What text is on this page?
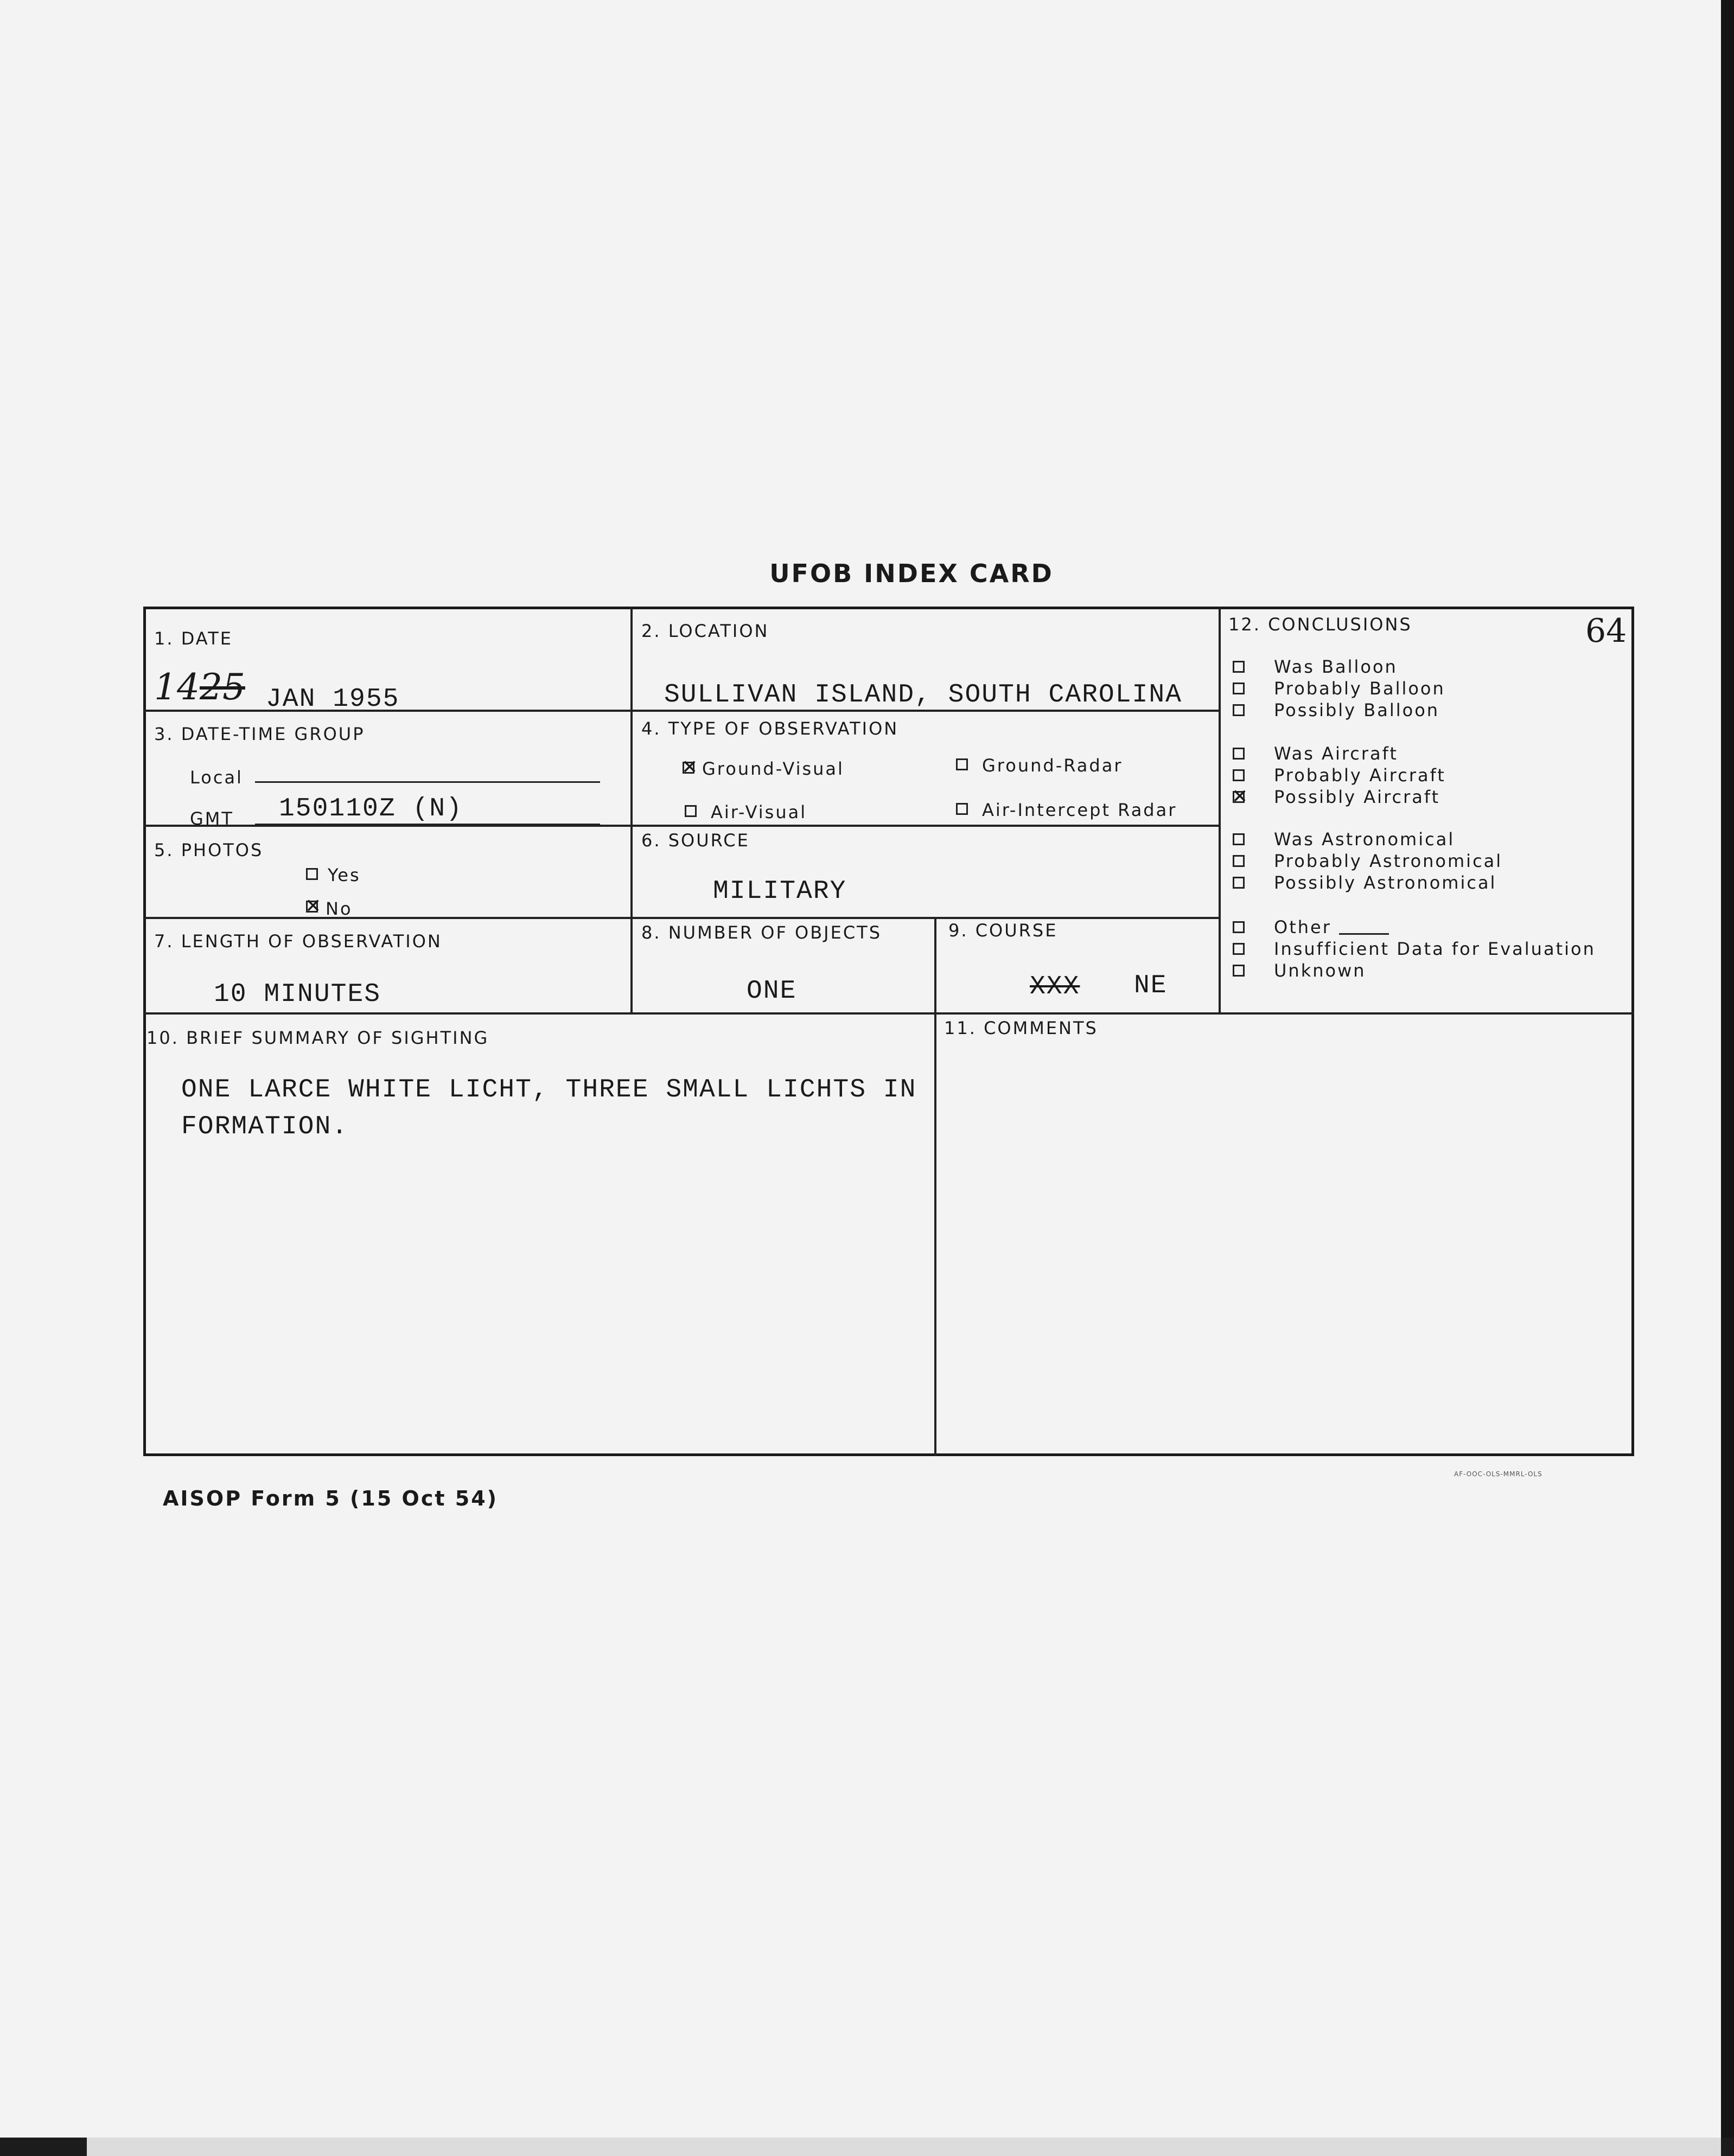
UFOB INDEX CARD
64
1. DATE
1425 JAN 1955
2. LOCATION
SULLIVAN ISLAND, SOUTH CAROLINA
3. DATE-TIME GROUP
Local
GMT 150110Z (N)
4. TYPE OF OBSERVATION
✕ Ground-Visual	Ground-Radar
Air-Visual	Air-Intercept Radar
5. PHOTOS
Yes
✕ No
6. SOURCE
MILITARY
7. LENGTH OF OBSERVATION
10 MINUTES
8. NUMBER OF OBJECTS
ONE
9. COURSE
XXX NE
10. BRIEF SUMMARY OF SIGHTING
ONE LARCE WHITE LICHT, THREE SMALL LICHTS IN
FORMATION.
11. COMMENTS
12. CONCLUSIONS
Was Balloon
Probably Balloon
Possibly Balloon
Was Aircraft
Probably Aircraft
✕ Possibly Aircraft
Was Astronomical
Probably Astronomical
Possibly Astronomical
Other
Insufficient Data for Evaluation
Unknown
AISOP Form 5 (15 Oct 54)
AF-OOC-OLS-MMRL-OLS
